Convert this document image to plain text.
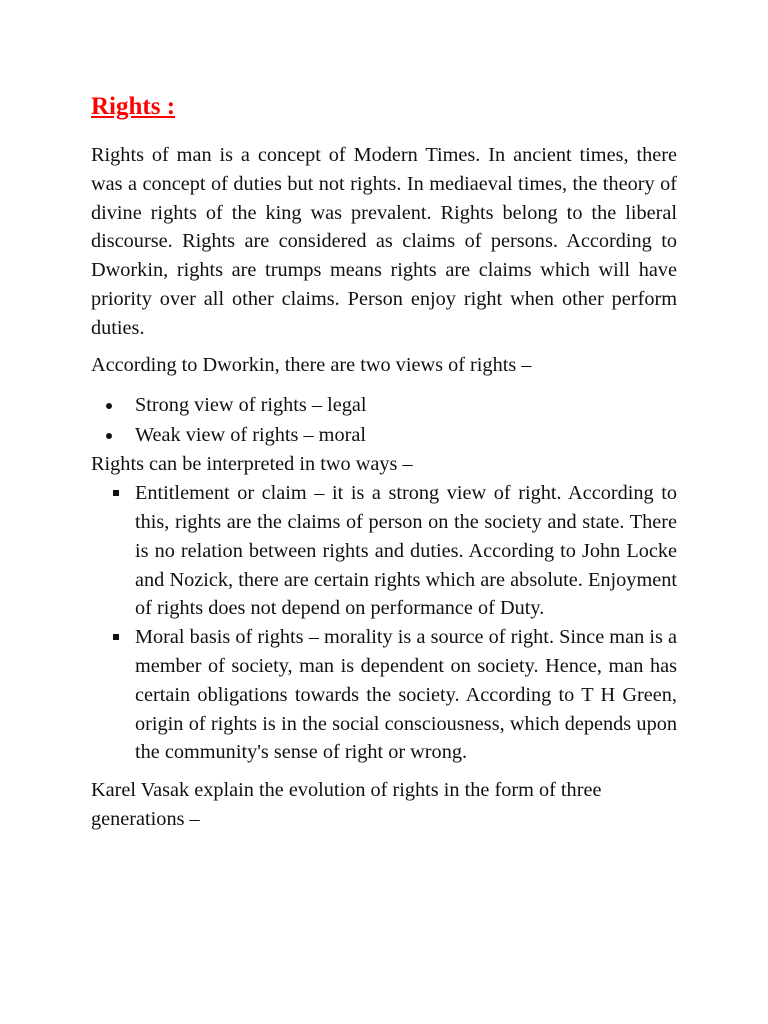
Rights :

Rights of man is a concept of Modern Times. In ancient times, there was a concept of duties but not rights. In mediaeval times, the theory of divine rights of the king was prevalent. Rights belong to the liberal discourse. Rights are considered as claims of persons. According to Dworkin, rights are trumps means rights are claims which will have priority over all other claims. Person enjoy right when other perform duties.

According to Dworkin, there are two views of rights –

Strong view of rights – legal
Weak view of rights – moral

Rights can be interpreted in two ways –

Entitlement or claim – it is a strong view of right. According to this, rights are the claims of person on the society and state. There is no relation between rights and duties. According to John Locke and Nozick, there are certain rights which are absolute. Enjoyment of rights does not depend on performance of Duty.
Moral basis of rights – morality is a source of right. Since man is a member of society, man is dependent on society. Hence, man has certain obligations towards the society. According to T H Green, origin of rights is in the social consciousness, which depends upon the community's sense of right or wrong.

Karel Vasak explain the evolution of rights in the form of three generations –
